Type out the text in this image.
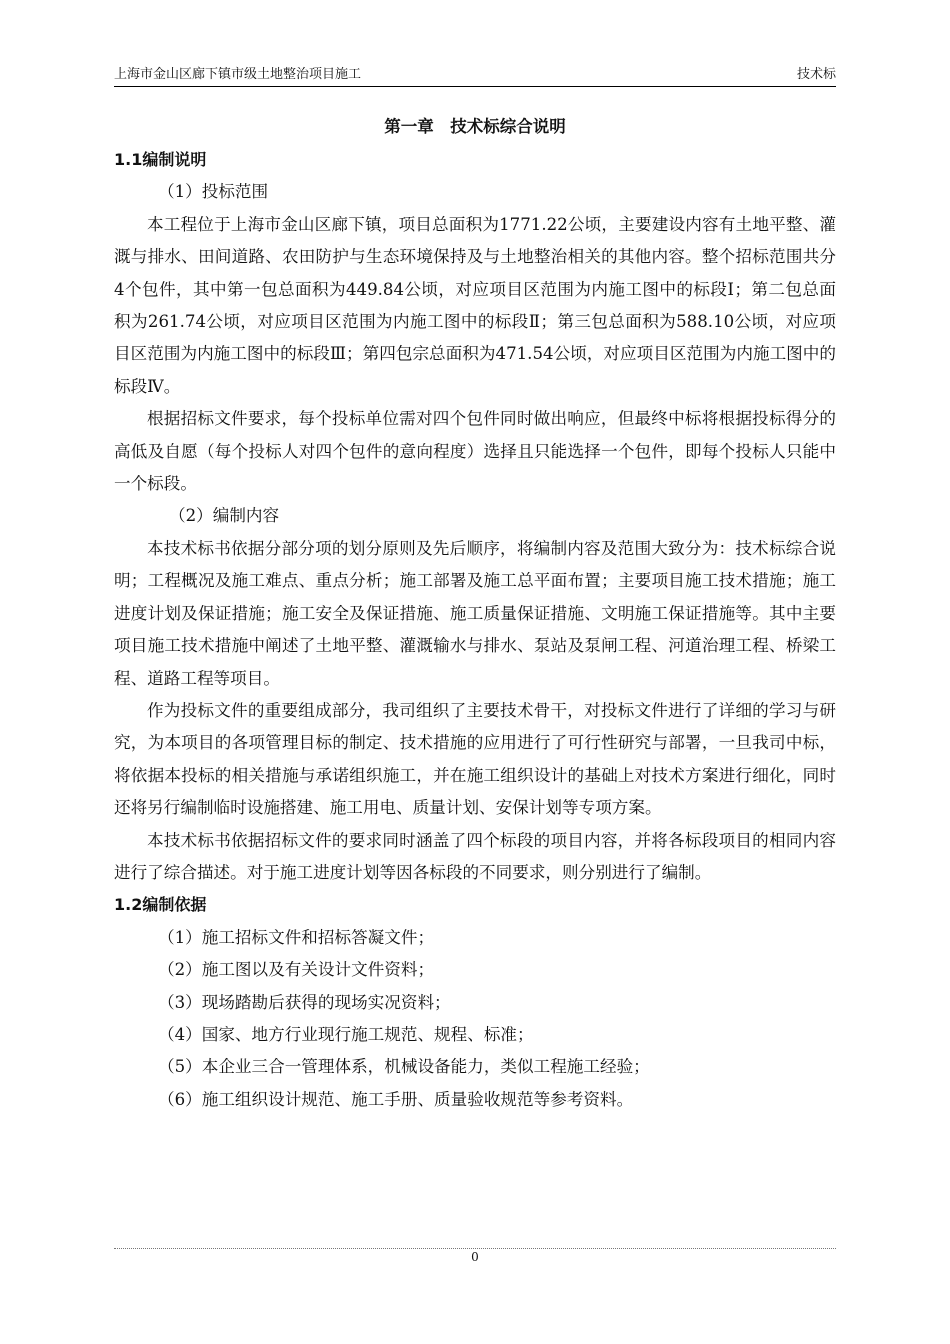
上海市金山区廊下镇市级土地整治项目施工	技术标
第一章　技术标综合说明
1.1编制说明
（1）投标范围

本工程位于上海市金山区廊下镇，项目总面积为1771.22公顷，主要建设内容有土地平整、灌溉与排水、田间道路、农田防护与生态环境保持及与土地整治相关的其他内容。整个招标范围共分4个包件，其中第一包总面积为449.84公顷，对应项目区范围为内施工图中的标段Ⅰ；第二包总面积为261.74公顷，对应项目区范围为内施工图中的标段Ⅱ；第三包总面积为588.10公顷，对应项目区范围为内施工图中的标段Ⅲ；第四包宗总面积为471.54公顷，对应项目区范围为内施工图中的标段Ⅳ。

根据招标文件要求，每个投标单位需对四个包件同时做出响应，但最终中标将根据投标得分的高低及自愿（每个投标人对四个包件的意向程度）选择且只能选择一个包件，即每个投标人只能中一个标段。

（2）编制内容

本技术标书依据分部分项的划分原则及先后顺序，将编制内容及范围大致分为：技术标综合说明；工程概况及施工难点、重点分析；施工部署及施工总平面布置；主要项目施工技术措施；施工进度计划及保证措施；施工安全及保证措施、施工质量保证措施、文明施工保证措施等。其中主要项目施工技术措施中阐述了土地平整、灌溉输水与排水、泵站及泵闸工程、河道治理工程、桥梁工程、道路工程等项目。

作为投标文件的重要组成部分，我司组织了主要技术骨干，对投标文件进行了详细的学习与研究，为本项目的各项管理目标的制定、技术措施的应用进行了可行性研究与部署，一旦我司中标，将依据本投标的相关措施与承诺组织施工，并在施工组织设计的基础上对技术方案进行细化，同时还将另行编制临时设施搭建、施工用电、质量计划、安保计划等专项方案。

本技术标书依据招标文件的要求同时涵盖了四个标段的项目内容，并将各标段项目的相同内容进行了综合描述。对于施工进度计划等因各标段的不同要求，则分别进行了编制。

1.2编制依据
（1）施工招标文件和招标答凝文件；
（2）施工图以及有关设计文件资料；
（3）现场踏勘后获得的现场实况资料；
（4）国家、地方行业现行施工规范、规程、标准；
（5）本企业三合一管理体系，机械设备能力，类似工程施工经验；
（6）施工组织设计规范、施工手册、质量验收规范等参考资料。
0
